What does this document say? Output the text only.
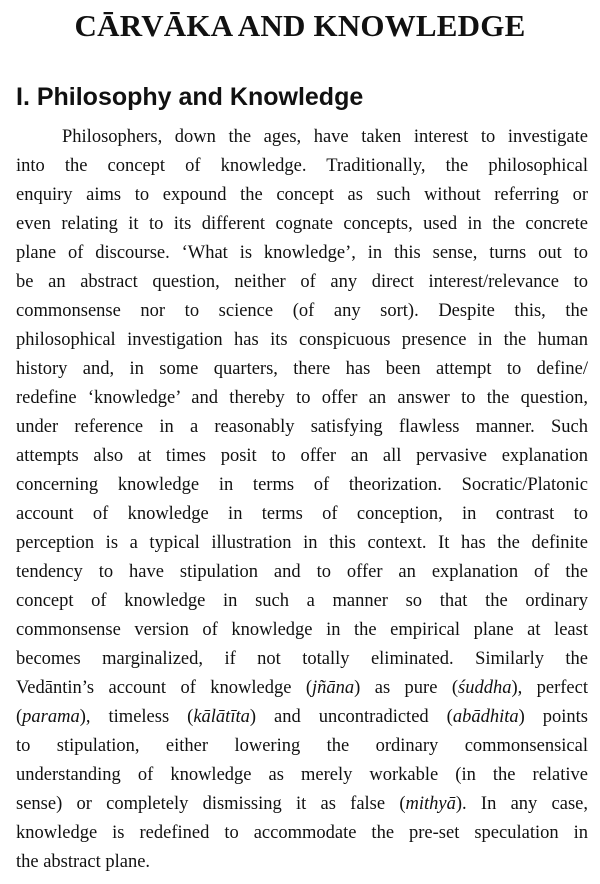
CĀRVĀKA AND KNOWLEDGE
I. Philosophy and Knowledge
Philosophers, down the ages, have taken interest to investigate
into the concept of knowledge. Traditionally, the philosophical
enquiry aims to expound the concept as such without referring or
even relating it to its different cognate concepts, used in the concrete
plane of discourse. ‘What is knowledge’, in this sense, turns out to
be an abstract question, neither of any direct interest/relevance to
commonsense nor to science (of any sort). Despite this, the
philosophical investigation has its conspicuous presence in the human
history and, in some quarters, there has been attempt to define/
redefine ‘knowledge’ and thereby to offer an answer to the question,
under reference in a reasonably satisfying flawless manner. Such
attempts also at times posit to offer an all pervasive explanation
concerning knowledge in terms of theorization. Socratic/Platonic
account of knowledge in terms of conception, in contrast to
perception is a typical illustration in this context. It has the definite
tendency to have stipulation and to offer an explanation of the
concept of knowledge in such a manner so that the ordinary
commonsense version of knowledge in the empirical plane at least
becomes marginalized, if not totally eliminated. Similarly the
Vedāntin’s account of knowledge (jñāna) as pure (śuddha), perfect
(parama), timeless (kālātīta) and uncontradicted (abādhita) points
to stipulation, either lowering the ordinary commonsensical
understanding of knowledge as merely workable (in the relative
sense) or completely dismissing it as false (mithyā). In any case,
knowledge is redefined to accommodate the pre-set speculation in
the abstract plane.
